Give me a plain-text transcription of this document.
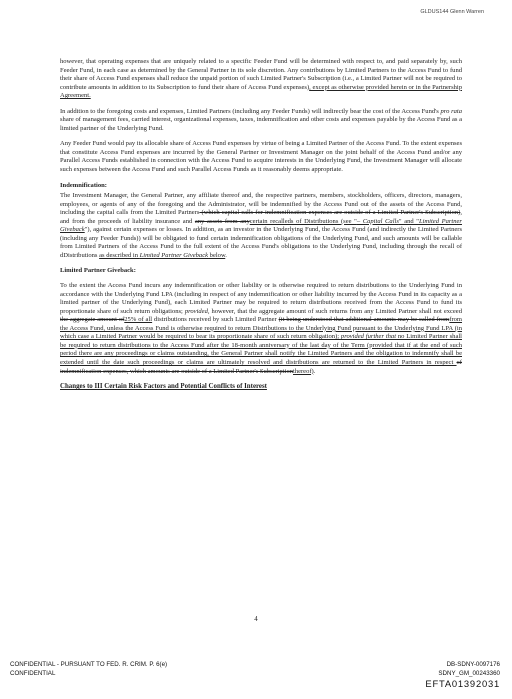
GLDUS144 Glenn Warren

however, that operating expenses that are uniquely related to a specific Feeder Fund will be determined with respect to, and paid separately by, such Feeder Fund, in each case as determined by the General Partner in its sole discretion. Any contributions by Limited Partners to the Access Fund to fund their share of Access Fund expenses shall reduce the unpaid portion of such Limited Partner's Subscription (i.e., a Limited Partner will not be required to contribute amounts in addition to its Subscription to fund their share of Access Fund expenses), except as otherwise provided herein or in the Partnership Agreement.

In addition to the foregoing costs and expenses, Limited Partners (including any Feeder Funds) will indirectly bear the cost of the Access Fund's pro rata share of management fees, carried interest, organizational expenses, taxes, indemnification and other costs and expenses payable by the Access Fund as a limited partner of the Underlying Fund.

Any Feeder Fund would pay its allocable share of Access Fund expenses by virtue of being a Limited Partner of the Access Fund. To the extent expenses that constitute Access Fund expenses are incurred by the General Partner or Investment Manager on the joint behalf of the Access Fund and/or any Parallel Access Funds established in connection with the Access Fund to acquire interests in the Underlying Fund, the Investment Manager will allocate such expenses between the Access Fund and such Parallel Access Funds as it reasonably deems appropriate.

Indemnification:

The Investment Manager, the General Partner, any affiliate thereof and, the respective partners, members, stockholders, officers, directors, managers, employees, or agents of any of the foregoing and the Administrator, will be indemnified by the Access Fund out of the assets of the Access Fund, including the capital calls from the Limited Partners (which capital calls for indemnification expenses are outside of a Limited Partner's Subscription), and from the proceeds of liability insurance and any assets from anycertain recalleds of Distributions (see "– Capital Calls" and "Limited Partner Giveback"), against certain expenses or losses. In addition, as an investor in the Underlying Fund, the Access Fund (and indirectly the Limited Partners (including any Feeder Funds)) will be obligated to fund certain indemnification obligations of the Underlying Fund, and such amounts will be callable from Limited Partners of the Access Fund to the full extent of the Access Fund's obligations to the Underlying Fund, including through the recall of dDistributions as described in Limited Partner Giveback below.

Limited Partner Giveback:

To the extent the Access Fund incurs any indemnification or other liability or is otherwise required to return distributions to the Underlying Fund in accordance with the Underlying Fund LPA (including in respect of any indemnification or other liability incurred by the Access Fund in its capacity as a limited partner of the Underlying Fund), each Limited Partner may be required to return distributions received from the Access Fund to fund its proportionate share of such return obligations; provided, however, that the aggregate amount of such returns from any Limited Partner shall not exceed the aggregate amount of25% of all distributions received by such Limited Partner (it being understood that additional amounts may be called fromfrom the Access Fund, unless the Access Fund is otherwise required to return Distributions to the Underlying Fund pursuant to the Underlying Fund LPA (in which case a Limited Partner would be required to bear its proportionate share of such return obligation); provided further that no Limited Partner shall be required to return distributions to the Access Fund after the 18-month anniversary of the last day of the Term (provided that if at the end of such period there are any proceedings or claims outstanding, the General Partner shall notify the Limited Partners and the obligation to indemnify shall be extended until the date such proceedings or claims are ultimately resolved and distributions are returned to the Limited Partners in respect of indemnification expenses, which amounts are outside of a Limited Partner's Subscriptionthereof).

Changes to III Certain Risk Factors and Potential Conflicts of Interest
4
CONFIDENTIAL - PURSUANT TO FED. R. CRIM. P. 6(e)
CONFIDENTIAL
DB-SDNY-0097176
SDNY_GM_00243360
EFTA01392031
